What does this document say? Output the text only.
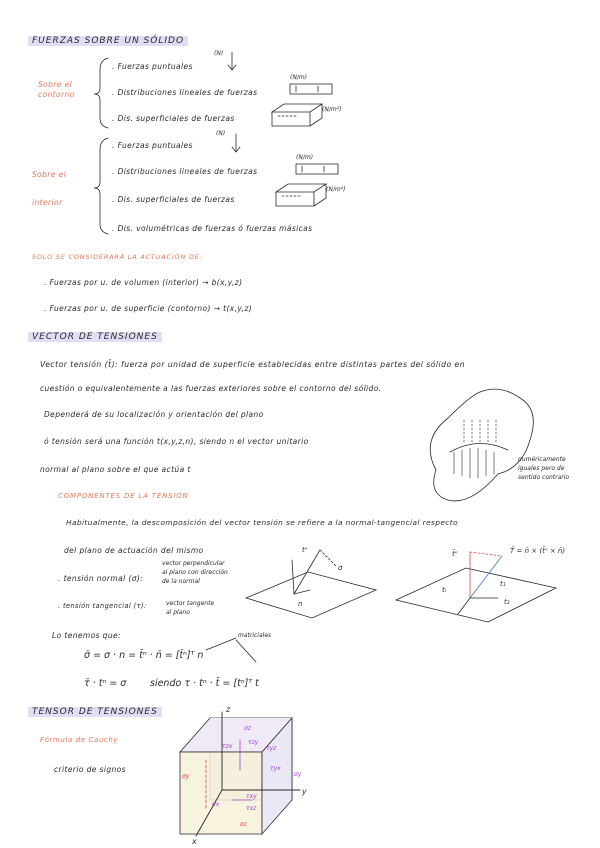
FUERZAS SOBRE UN SÓLIDO
Sobre el
contorno
. Fuerzas puntuales
. Distribuciones lineales de fuerzas
. Dis. superficiales de fuerzas
(N)
(N/m)
(N/m²)
Sobre el
interior
. Fuerzas puntuales
. Distribuciones lineales de fuerzas
. Dis. superficiales de fuerzas
. Dis. volumétricas de fuerzas ó fuerzas másicas
(N)
(N/m)
(N/m²)
SOLO SE CONSIDERARÁ LA ACTUACIÓN DE:
. Fuerzas por u. de volumen (interior) → b(x,y,z)
. Fuerzas por u. de superficie (contorno) → t(x,y,z)
VECTOR DE TENSIONES
Vector tensión (t̄): fuerza por unidad de superficie establecidas entre distintas partes del sólido en
cuestión o equivalentemente a las fuerzas exteriores sobre el contorno del sólido.
Dependerá de su localización y orientación del plano
ó tensión será una función t(x,y,z,n), siendo n el vector unitario
normal al plano sobre el que actúa t
numéricamente
iguales pero de
sentido contrario
COMPONENTES DE LA TENSIÓN
Habitualmente, la descomposición del vector tensión se refiere a la normal-tangencial respecto
del plano de actuación del mismo
. tensión normal (σ):
vector perpendicular
al plano con dirección
de la normal
. tensión tangencial (τ):	vector tangente
al plano
Lo tenemos que:	matriciales
σ̄ = σ · n = t̄ⁿ · n̄ = [t̄ⁿ]ᵀ n
τ̄ · tⁿ = σ siendo τ · tⁿ · t̄ = [tⁿ]ᵀ t
TENSOR DE TENSIONES
Fórmula de Cauchy
criterio de signos
tⁿ
σ
n
t̄ⁿ	T̄ = n̄ × (t̄ⁿ × n̄)
tᵢ
t₁
t₂
z
y
x
σz
τzx
τzy
τyz
σy
τyx
σx
τxy
τxz
σy
σz
